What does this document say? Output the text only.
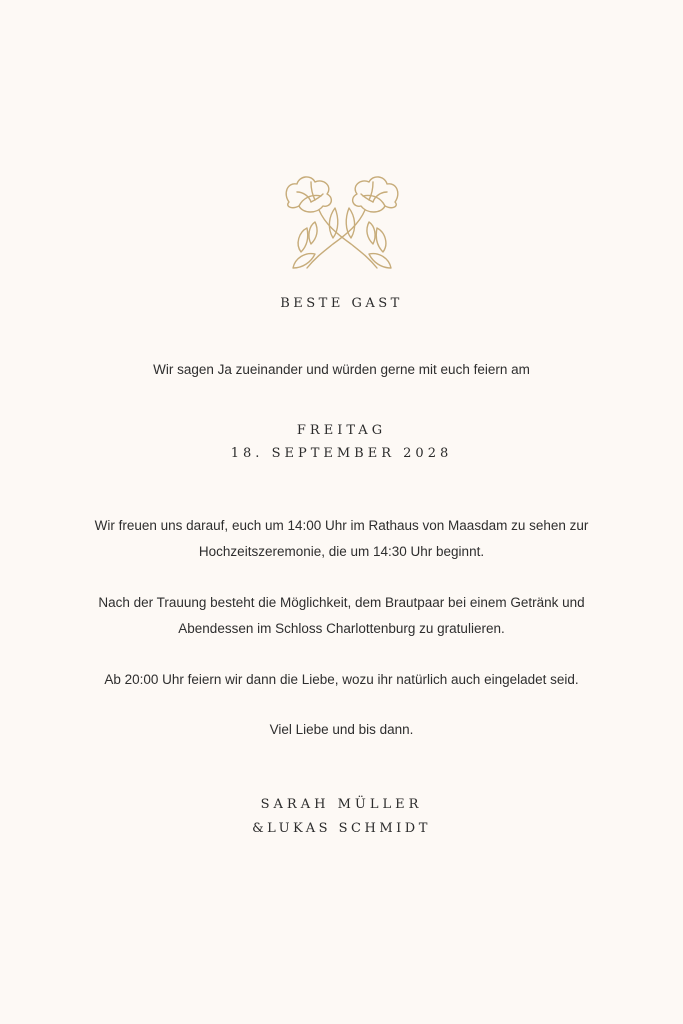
BESTE GAST
Wir sagen Ja zueinander und würden gerne mit euch feiern am
FREITAG
18. SEPTEMBER 2028
Wir freuen uns darauf, euch um 14:00 Uhr im Rathaus von Maasdam zu sehen zur
Hochzeitszeremonie, die um 14:30 Uhr beginnt.
Nach der Trauung besteht die Möglichkeit, dem Brautpaar bei einem Getränk und
Abendessen im Schloss Charlottenburg zu gratulieren.
Ab 20:00 Uhr feiern wir dann die Liebe, wozu ihr natürlich auch eingeladet seid.
Viel Liebe und bis dann.
SARAH MÜLLER
&LUKAS SCHMIDT
